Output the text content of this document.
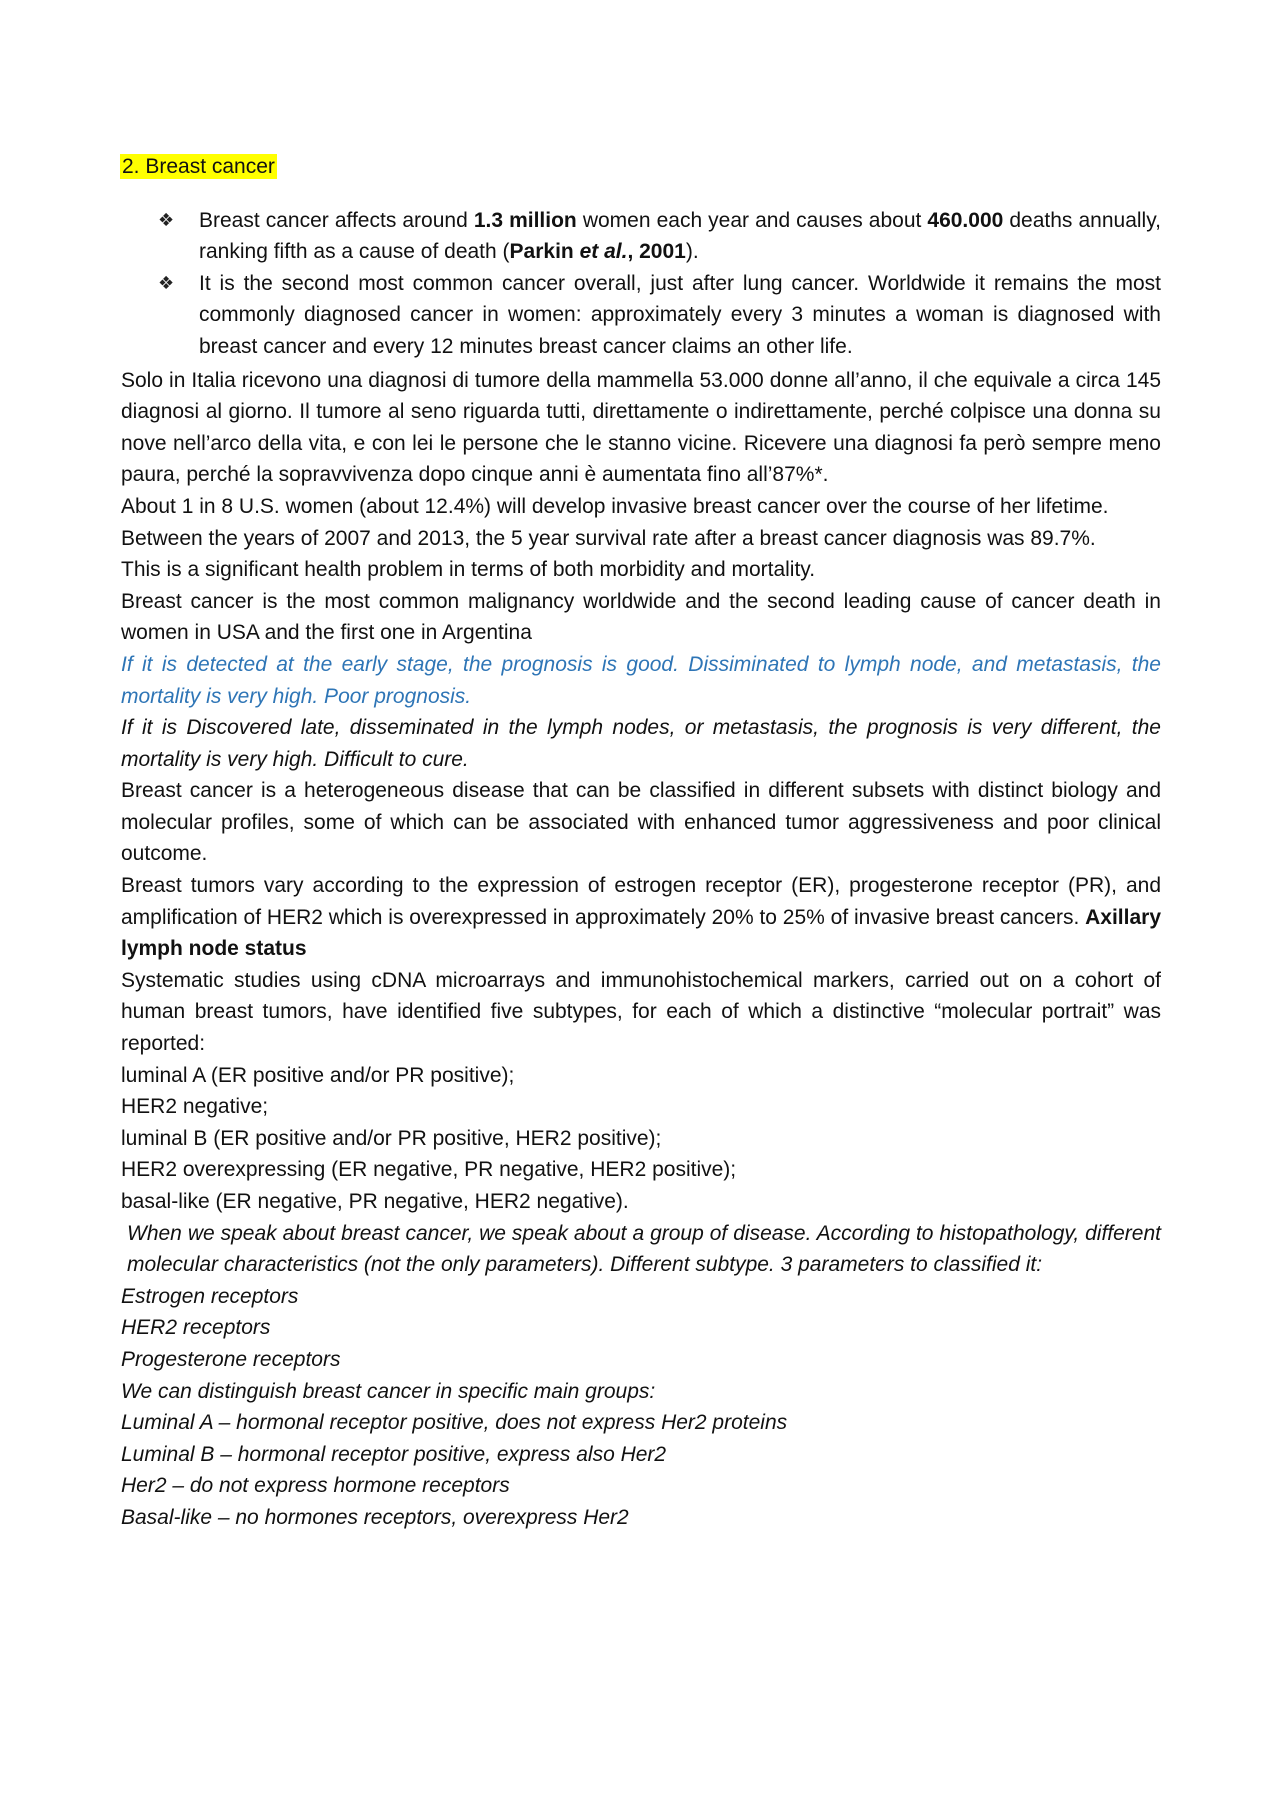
2. Breast cancer
❖ Breast cancer affects around 1.3 million women each year and causes about 460.000 deaths annually, ranking fifth as a cause of death (Parkin et al., 2001).
❖ It is the second most common cancer overall, just after lung cancer. Worldwide it remains the most commonly diagnosed cancer in women: approximately every 3 minutes a woman is diagnosed with breast cancer and every 12 minutes breast cancer claims an other life.

Solo in Italia ricevono una diagnosi di tumore della mammella 53.000 donne all’anno, il che equivale a circa 145 diagnosi al giorno. Il tumore al seno riguarda tutti, direttamente o indirettamente, perché colpisce una donna su nove nell’arco della vita, e con lei le persone che le stanno vicine. Ricevere una diagnosi fa però sempre meno paura, perché la sopravvivenza dopo cinque anni è aumentata fino all’87%*.

About 1 in 8 U.S. women (about 12.4%) will develop invasive breast cancer over the course of her lifetime.

Between the years of 2007 and 2013, the 5 year survival rate after a breast cancer diagnosis was 89.7%.

This is a significant health problem in terms of both morbidity and mortality.

Breast cancer is the most common malignancy worldwide and the second leading cause of cancer death in women in USA and the first one in Argentina

If it is detected at the early stage, the prognosis is good. Dissiminated to lymph node, and metastasis, the mortality is very high. Poor prognosis.

If it is Discovered late, disseminated in the lymph nodes, or metastasis, the prognosis is very different, the mortality is very high. Difficult to cure.

Breast cancer is a heterogeneous disease that can be classified in different subsets with distinct biology and molecular profiles, some of which can be associated with enhanced tumor aggressiveness and poor clinical outcome.

Breast tumors vary according to the expression of estrogen receptor (ER), progesterone receptor (PR), and amplification of HER2 which is overexpressed in approximately 20% to 25% of invasive breast cancers. Axillary lymph node status

Systematic studies using cDNA microarrays and immunohistochemical markers, carried out on a cohort of human breast tumors, have identified five subtypes, for each of which a distinctive “molecular portrait” was reported:

luminal A (ER positive and/or PR positive);

HER2 negative;

luminal B (ER positive and/or PR positive, HER2 positive);

HER2 overexpressing (ER negative, PR negative, HER2 positive);

basal-like (ER negative, PR negative, HER2 negative).

When we speak about breast cancer, we speak about a group of disease. According to histopathology, different molecular characteristics (not the only parameters). Different subtype. 3 parameters to classified it:

Estrogen receptors

HER2 receptors

Progesterone receptors

We can distinguish breast cancer in specific main groups:

Luminal A – hormonal receptor positive, does not express Her2 proteins

Luminal B – hormonal receptor positive, express also Her2

Her2 – do not express hormone receptors

Basal-like – no hormones receptors, overexpress Her2
